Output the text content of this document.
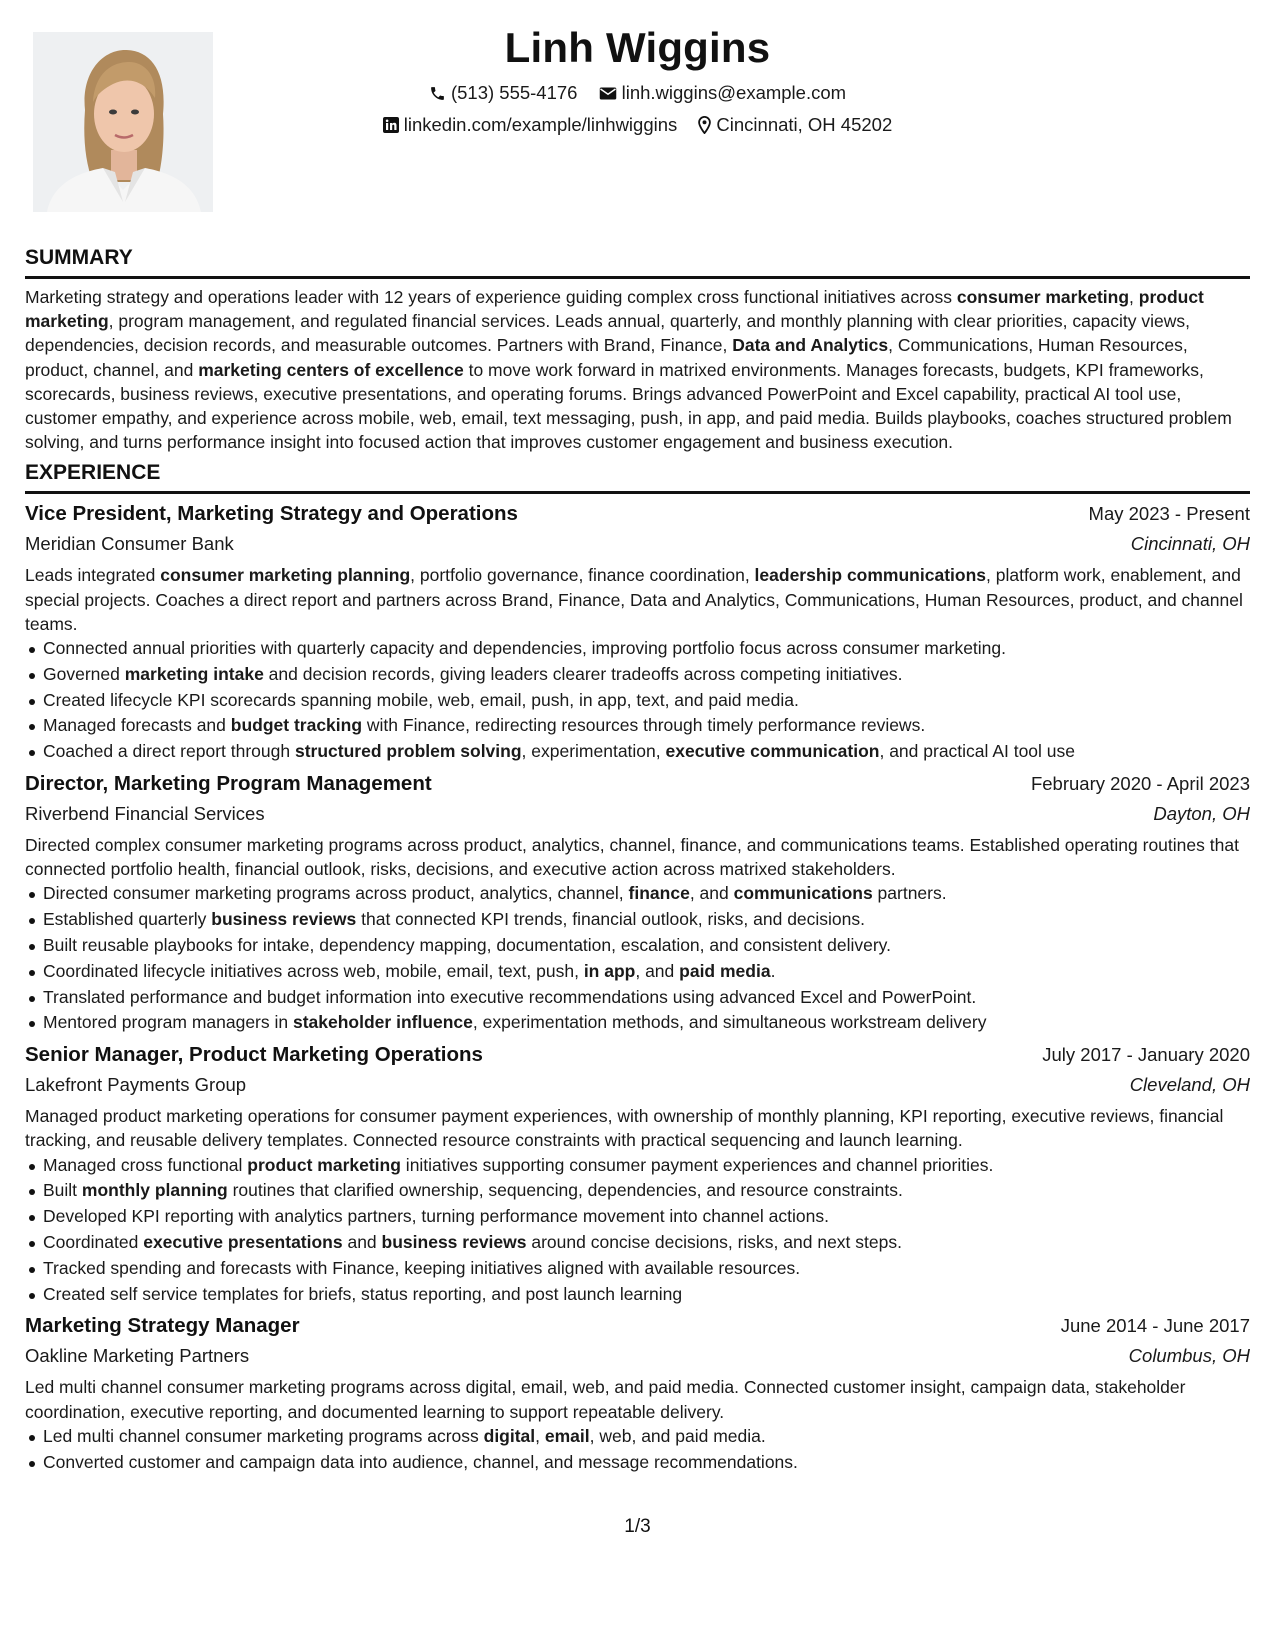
Linh Wiggins
(513) 555-4176
linh.wiggins@example.com
linkedin.com/example/linhwiggins
Cincinnati, OH 45202
SUMMARY

Marketing strategy and operations leader with 12 years of experience guiding complex cross functional initiatives across consumer marketing, product marketing, program management, and regulated financial services. Leads annual, quarterly, and monthly planning with clear priorities, capacity views, dependencies, decision records, and measurable outcomes. Partners with Brand, Finance, Data and Analytics, Communications, Human Resources, product, channel, and marketing centers of excellence to move work forward in matrixed environments. Manages forecasts, budgets, KPI frameworks, scorecards, business reviews, executive presentations, and operating forums. Brings advanced PowerPoint and Excel capability, practical AI tool use, customer empathy, and experience across mobile, web, email, text messaging, push, in app, and paid media. Builds playbooks, coaches structured problem solving, and turns performance insight into focused action that improves customer engagement and business execution.

EXPERIENCE
Vice President, Marketing Strategy and Operations	May 2023 - Present
Meridian Consumer Bank	Cincinnati, OH

Leads integrated consumer marketing planning, portfolio governance, finance coordination, leadership communications, platform work, enablement, and special projects. Coaches a direct report and partners across Brand, Finance, Data and Analytics, Communications, Human Resources, product, and channel teams.

Connected annual priorities with quarterly capacity and dependencies, improving portfolio focus across consumer marketing.
Governed marketing intake and decision records, giving leaders clearer tradeoffs across competing initiatives.
Created lifecycle KPI scorecards spanning mobile, web, email, push, in app, text, and paid media.
Managed forecasts and budget tracking with Finance, redirecting resources through timely performance reviews.
Coached a direct report through structured problem solving, experimentation, executive communication, and practical AI tool use
Director, Marketing Program Management	February 2020 - April 2023
Riverbend Financial Services	Dayton, OH

Directed complex consumer marketing programs across product, analytics, channel, finance, and communications teams. Established operating routines that connected portfolio health, financial outlook, risks, decisions, and executive action across matrixed stakeholders.

Directed consumer marketing programs across product, analytics, channel, finance, and communications partners.
Established quarterly business reviews that connected KPI trends, financial outlook, risks, and decisions.
Built reusable playbooks for intake, dependency mapping, documentation, escalation, and consistent delivery.
Coordinated lifecycle initiatives across web, mobile, email, text, push, in app, and paid media.
Translated performance and budget information into executive recommendations using advanced Excel and PowerPoint.
Mentored program managers in stakeholder influence, experimentation methods, and simultaneous workstream delivery
Senior Manager, Product Marketing Operations	July 2017 - January 2020
Lakefront Payments Group	Cleveland, OH

Managed product marketing operations for consumer payment experiences, with ownership of monthly planning, KPI reporting, executive reviews, financial tracking, and reusable delivery templates. Connected resource constraints with practical sequencing and launch learning.

Managed cross functional product marketing initiatives supporting consumer payment experiences and channel priorities.
Built monthly planning routines that clarified ownership, sequencing, dependencies, and resource constraints.
Developed KPI reporting with analytics partners, turning performance movement into channel actions.
Coordinated executive presentations and business reviews around concise decisions, risks, and next steps.
Tracked spending and forecasts with Finance, keeping initiatives aligned with available resources.
Created self service templates for briefs, status reporting, and post launch learning
Marketing Strategy Manager	June 2014 - June 2017
Oakline Marketing Partners	Columbus, OH

Led multi channel consumer marketing programs across digital, email, web, and paid media. Connected customer insight, campaign data, stakeholder coordination, executive reporting, and documented learning to support repeatable delivery.

Led multi channel consumer marketing programs across digital, email, web, and paid media.
Converted customer and campaign data into audience, channel, and message recommendations.
1/3
